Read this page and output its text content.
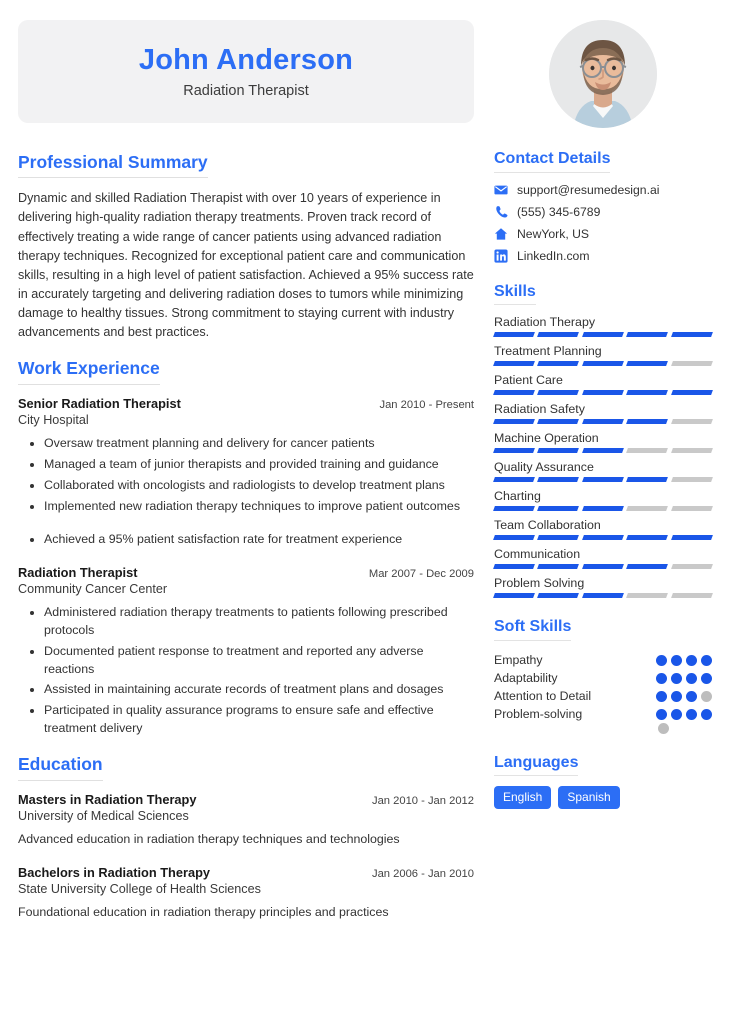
John Anderson
Radiation Therapist
Professional Summary
Dynamic and skilled Radiation Therapist with over 10 years of experience in delivering high-quality radiation therapy treatments. Proven track record of effectively treating a wide range of cancer patients using advanced radiation therapy techniques. Recognized for exceptional patient care and communication skills, resulting in a high level of patient satisfaction. Achieved a 95% success rate in accurately targeting and delivering radiation doses to tumors while minimizing damage to healthy tissues. Strong commitment to staying current with industry advancements and best practices.
Work Experience
Senior Radiation Therapist	Jan 2010 - Present
City Hospital
• Oversaw treatment planning and delivery for cancer patients
• Managed a team of junior therapists and provided training and guidance
• Collaborated with oncologists and radiologists to develop treatment plans
• Implemented new radiation therapy techniques to improve patient outcomes
• Achieved a 95% patient satisfaction rate for treatment experience
Radiation Therapist	Mar 2007 - Dec 2009
Community Cancer Center
• Administered radiation therapy treatments to patients following prescribed protocols
• Documented patient response to treatment and reported any adverse reactions
• Assisted in maintaining accurate records of treatment plans and dosages
• Participated in quality assurance programs to ensure safe and effective treatment delivery
Education
Masters in Radiation Therapy	Jan 2010 - Jan 2012
University of Medical Sciences
Advanced education in radiation therapy techniques and technologies
Bachelors in Radiation Therapy	Jan 2006 - Jan 2010
State University College of Health Sciences
Foundational education in radiation therapy principles and practices
Contact Details
support@resumedesign.ai
(555) 345-6789
NewYork, US
LinkedIn.com
Skills
Radiation Therapy
Treatment Planning
Patient Care
Radiation Safety
Machine Operation
Quality Assurance
Charting
Team Collaboration
Communication
Problem Solving
Soft Skills
Empathy
Adaptability
Attention to Detail
Problem-solving
Languages
English	Spanish
